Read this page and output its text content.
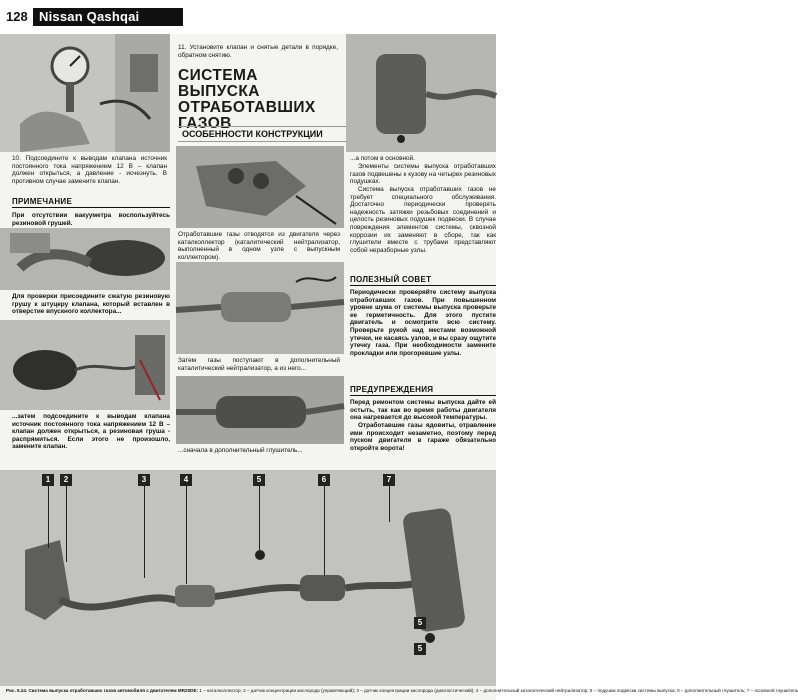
128 Nissan Qashqai
10. Подсоедините к выводам клапана источник постоянного тока напряжением 12 В – клапан должен открыться, а давление - исчезнуть. В противном случае замените клапан.
ПРИМЕЧАНИЕ
При отсутствии вакууметра воспользуйтесь резиновой грушей.
Для проверки присоедините сжатую резиновую грушу к штуцеру клапана, который вставлен в отверстие впускного коллектора...
...затем подсоедините к выводам клапана источник постоянного тока напряжением 12 В – клапан должен открыться, а резиновая груша - распрямиться. Если этого не произошло, замените клапан.
11. Установите клапан и снятые детали в порядке, обратном снятию.
СИСТЕМА ВЫПУСКА ОТРАБОТАВШИХ ГАЗОВ
ОСОБЕННОСТИ КОНСТРУКЦИИ
Отработавшие газы отводятся из двигателя через каталколлектор (каталитический нейтрализатор, выполненный в одном узле с выпускным коллектором).
Затем газы поступают в дополнительный каталитический нейтрализатор, а из него...
...сначала в дополнительный глушитель...
...а потом в основной.
Элементы системы выпуска отработавших газов подвешены к кузову на четырех резиновых подушках.
Система выпуска отработавших газов не требует специального обслуживания. Достаточно периодически проверять надежность затяжки резьбовых соединений и целость резиновых подушек подвески. В случае повреждения элементов системы, сквозной коррозии их заменяют в сборе, так как глушители вместе с трубами представляют собой неразборные узлы.
ПОЛЕЗНЫЙ СОВЕТ
Периодически проверяйте систему выпуска отработавших газов. При повышенном уровне шума от системы выпуска проверьте ее герметичность. Для этого пустите двигатель и осмотрите всю систему. Проверьте рукой над местами возможной утечки, не касаясь узлов, и вы сразу ощутите утечку газа. При необходимости замените прокладки или прогоревшие узлы.
ПРЕДУПРЕЖДЕНИЯ
Перед ремонтом системы выпуска дайте ей остыть, так как во время работы двигателя она нагревается до высокой температуры.
Отработавшие газы ядовиты, отравление ими происходит незаметно, поэтому перед пуском двигателя в гараже обязательно откройте ворота!
1	2	3	4	5	6	7
5
5
Рис. 5.24. Система выпуска отработавших газов автомобиля с двигателем MR20DE: 1 – каталколлектор; 2 – датчик концентрации кислорода (управляющий); 3 – датчик концентрации кислорода (диагностический); 4 – дополнительный каталитический нейтрализатор; 5 – подушки подвески системы выпуска; 6 – дополнительный глушитель; 7 – основной глушитель
